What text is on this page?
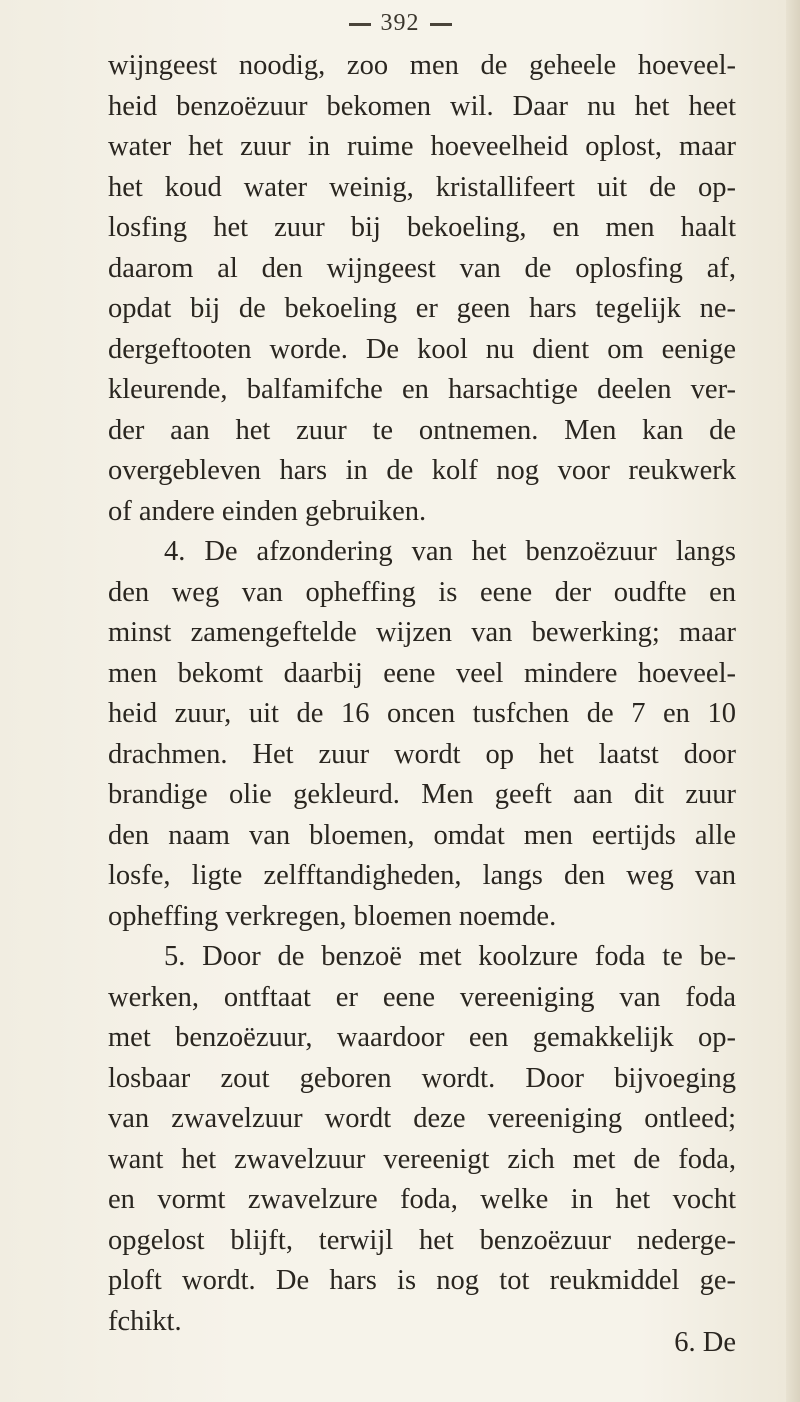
392
wijngeest noodig, zoo men de geheele hoeveel-
heid benzoëzuur bekomen wil. Daar nu het heet
water het zuur in ruime hoeveelheid oplost, maar
het koud water weinig, kristallifeert uit de op-
losfing het zuur bij bekoeling, en men haalt
daarom al den wijngeest van de oplosfing af,
opdat bij de bekoeling er geen hars tegelijk ne-
dergeftooten worde. De kool nu dient om eenige
kleurende, balfamifche en harsachtige deelen ver-
der aan het zuur te ontnemen. Men kan de
overgebleven hars in de kolf nog voor reukwerk
of andere einden gebruiken.
4. De afzondering van het benzoëzuur langs
den weg van opheffing is eene der oudfte en
minst zamengeftelde wijzen van bewerking; maar
men bekomt daarbij eene veel mindere hoeveel-
heid zuur, uit de 16 oncen tusfchen de 7 en 10
drachmen. Het zuur wordt op het laatst door
brandige olie gekleurd. Men geeft aan dit zuur
den naam van bloemen, omdat men eertijds alle
losfe, ligte zelfftandigheden, langs den weg van
opheffing verkregen, bloemen noemde.
5. Door de benzoë met koolzure foda te be-
werken, ontftaat er eene vereeniging van foda
met benzoëzuur, waardoor een gemakkelijk op-
losbaar zout geboren wordt. Door bijvoeging
van zwavelzuur wordt deze vereeniging ontleed;
want het zwavelzuur vereenigt zich met de foda,
en vormt zwavelzure foda, welke in het vocht
opgelost blijft, terwijl het benzoëzuur nederge-
ploft wordt. De hars is nog tot reukmiddel ge-
fchikt.
6. De
